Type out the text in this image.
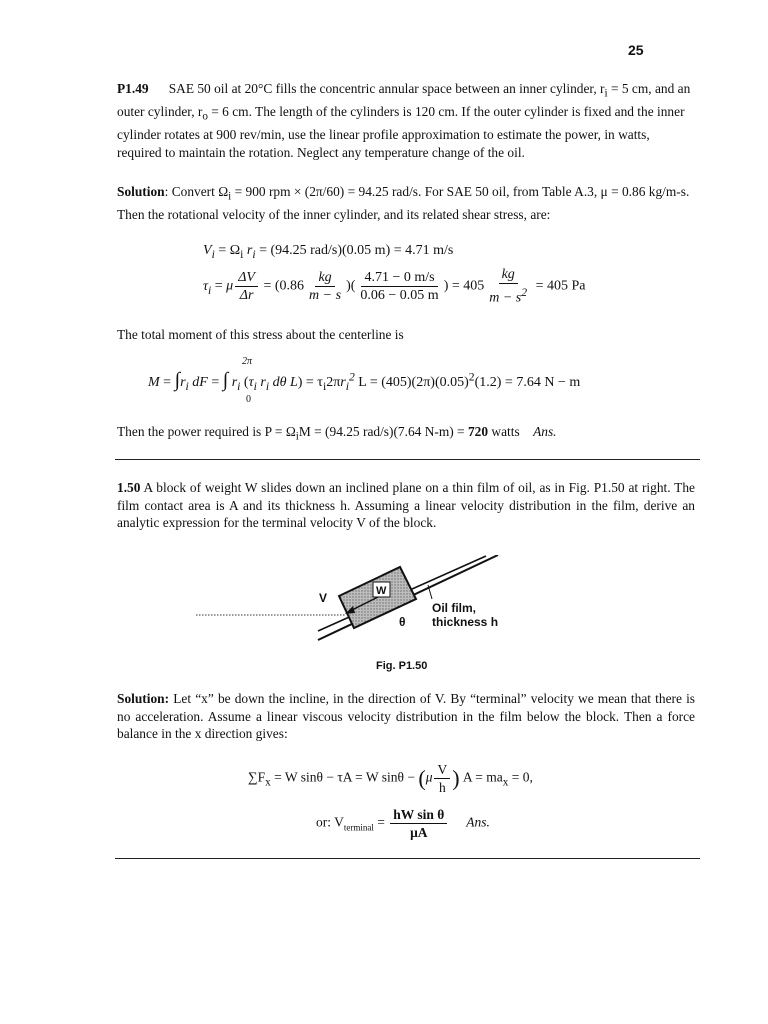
25
P1.49 SAE 50 oil at 20°C fills the concentric annular space between an inner cylinder, $r_i = 5$ cm, and an outer cylinder, $r_o = 6$ cm. The length of the cylinders is 120 cm. If the outer cylinder is fixed and the inner cylinder rotates at 900 rev/min, use the linear profile approximation to estimate the power, in watts, required to maintain the rotation. Neglect any temperature change of the oil.
Solution: Convert $\Omega_i = 900$ rpm × (2π/60) = 94.25 rad/s. For SAE 50 oil, from Table A.3, μ = 0.86 kg/m-s. Then the rotational velocity of the inner cylinder, and its related shear stress, are:
$V_i = \Omega_i$ $r_i = (94.25$ rad/s)(0.05 m) = 4.71 m/s
$\tau_i = \mu \frac{\Delta V}{\Delta r} = (0.86 \frac{kg}{m - s}$ )( $\frac{4.71 - 0 m/s}{0.06 - 0.05 m}$ ) = $405 \frac{kg}{m - s^2} = 405$ Pa
The total moment of this stress about the centerline is
2π
0
$M = \int r_i$ dF = ∫ $r_i$ ($\tau_i$ $r_i$ dθ $L) = \tau_i2\pi r_i^2$ $L = (405)(2\pi)(0.05)^2(1.2) = 7.64$ N − m
Then the power required is $P = \Omega_iM = (94.25$ rad/s)(7.64 N-m) = 720 watts Ans.
1.50 A block of weight W slides down an inclined plane on a thin film of oil, as in Fig. P1.50 at right. The film contact area is A and its thickness h. Assuming a linear velocity distribution in the film, derive an analytic expression for the terminal velocity V of the block.
V	W
θ
Oil film,
thickness h
Fig. P1.50
Solution: Let “x” be down the incline, in the direction of V. By “terminal” velocity we mean that there is no acceleration. Assume a linear viscous velocity distribution in the film below the block. Then a force balance in the x direction gives:
$\sum F_x = W$ sinθ − τA = W $\sin\theta - (\mu \frac{V}{h}$ ) $A = ma_x = 0$,
or: $V_{terminal} = \frac{\text{hW sin θ}}{\mu A}$ Ans.
